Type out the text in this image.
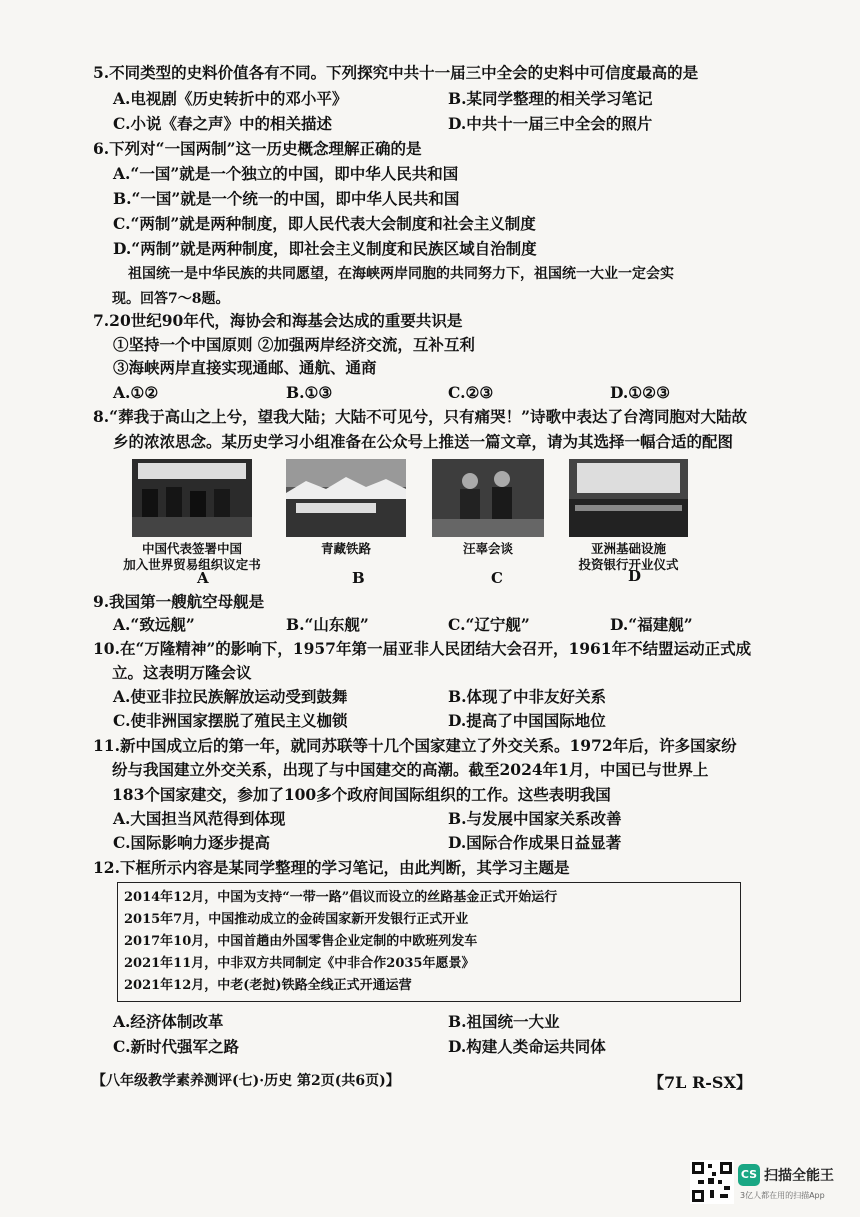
5.不同类型的史料价值各有不同。下列探究中共十一届三中全会的史料中可信度最高的是
A.电视剧《历史转折中的邓小平》	B.某同学整理的相关学习笔记
C.小说《春之声》中的相关描述	D.中共十一届三中全会的照片
6.下列对“一国两制”这一历史概念理解正确的是
A.“一国”就是一个独立的中国，即中华人民共和国
B.“一国”就是一个统一的中国，即中华人民共和国
C.“两制”就是两种制度，即人民代表大会制度和社会主义制度
D.“两制”就是两种制度，即社会主义制度和民族区域自治制度
祖国统一是中华民族的共同愿望，在海峡两岸同胞的共同努力下，祖国统一大业一定会实
现。回答7～8题。
7.20世纪90年代，海协会和海基会达成的重要共识是
①坚持一个中国原则 ②加强两岸经济交流，互补互利
③海峡两岸直接实现通邮、通航、通商
A.①②	B.①③	C.②③	D.①②③
8.“葬我于高山之上兮，望我大陆；大陆不可见兮，只有痛哭！”诗歌中表达了台湾同胞对大陆故
乡的浓浓思念。某历史学习小组准备在公众号上推送一篇文章，请为其选择一幅合适的配图
中国代表签署中国
加入世界贸易组织议定书
A
青藏铁路
B
汪辜会谈
C
亚洲基础设施
投资银行开业仪式
D
9.我国第一艘航空母舰是
A.“致远舰”	B.“山东舰”	C.“辽宁舰”	D.“福建舰”
10.在“万隆精神”的影响下，1957年第一届亚非人民团结大会召开，1961年不结盟运动正式成
立。这表明万隆会议
A.使亚非拉民族解放运动受到鼓舞	B.体现了中非友好关系
C.使非洲国家摆脱了殖民主义枷锁	D.提高了中国国际地位
11.新中国成立后的第一年，就同苏联等十几个国家建立了外交关系。1972年后，许多国家纷
纷与我国建立外交关系，出现了与中国建交的高潮。截至2024年1月，中国已与世界上
183个国家建交，参加了100多个政府间国际组织的工作。这些表明我国
A.大国担当风范得到体现	B.与发展中国家关系改善
C.国际影响力逐步提高	D.国际合作成果日益显著
12.下框所示内容是某同学整理的学习笔记，由此判断，其学习主题是
2014年12月，中国为支持“一带一路”倡议而设立的丝路基金正式开始运行
2015年7月，中国推动成立的金砖国家新开发银行正式开业
2017年10月，中国首趟由外国零售企业定制的中欧班列发车
2021年11月，中非双方共同制定《中非合作2035年愿景》
2021年12月，中老(老挝)铁路全线正式开通运营
A.经济体制改革	B.祖国统一大业
C.新时代强军之路	D.构建人类命运共同体
【八年级教学素养测评(七)·历史 第2页(共6页)】	【7L R-SX】
CS 扫描全能王
3亿人都在用的扫描App
